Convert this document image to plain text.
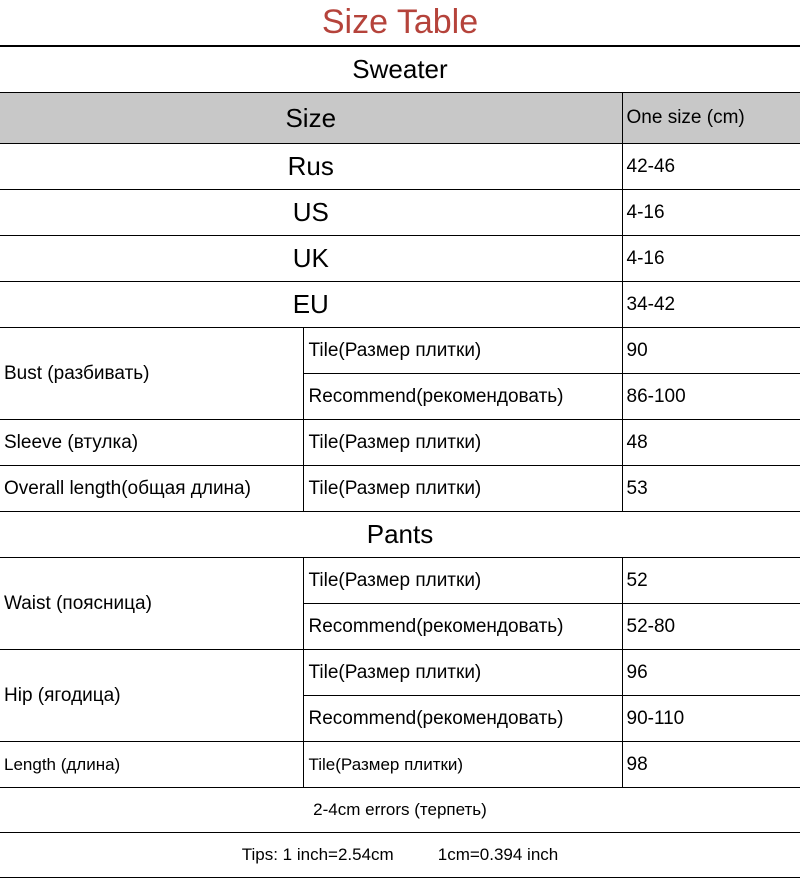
Size Table
Sweater		
Size		One size (cm)
Rus		42-46
US		4-16
UK		4-16
EU		34-42
Bust (разбивать)	Tile(Размер плитки)	90
	Recommend(рекомендовать)	86-100
Sleeve (втулка)	Tile(Размер плитки)	48
Overall length(общая длина)	Tile(Размер плитки)	53
Pants		
Waist (поясница)	Tile(Размер плитки)	52
	Recommend(рекомендовать)	52-80
Hip (ягодица)	Tile(Размер плитки)	96
	Recommend(рекомендовать)	90-110
Length (длина)	Tile(Размер плитки)	98
2-4cm errors (терпеть)		
Tips: 1 inch=2.54cm 1cm=0.394 inch		
